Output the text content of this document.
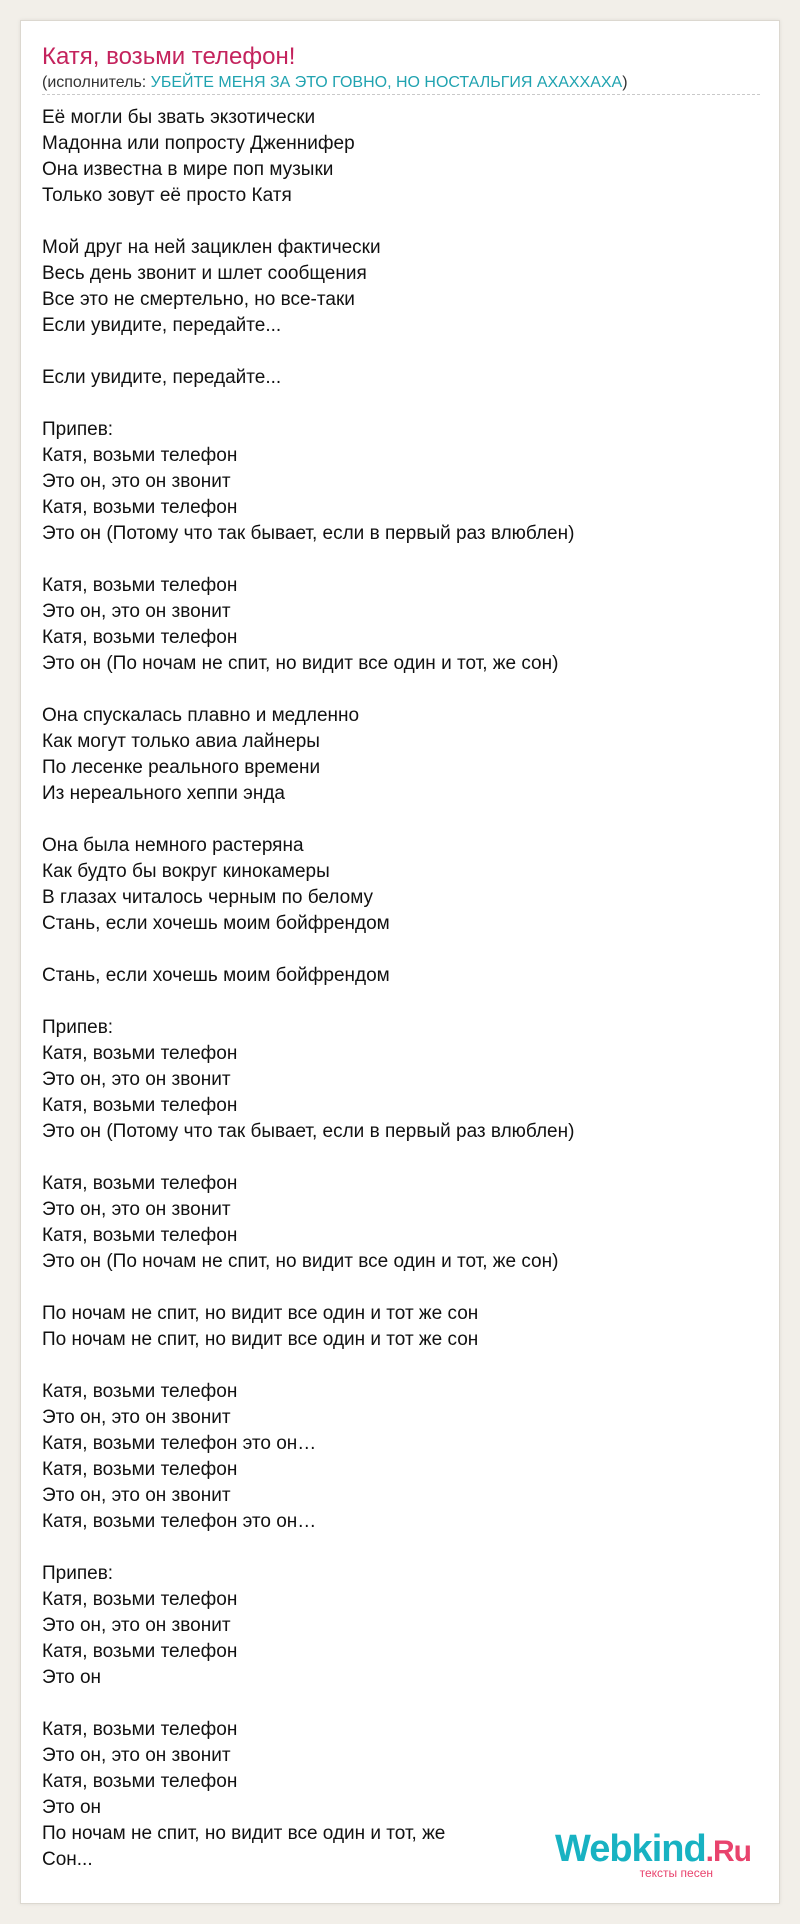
Катя, возьми телефон!
(исполнитель: УБЕЙТЕ МЕНЯ ЗА ЭТО ГОВНО, НО НОСТАЛЬГИЯ АХАХХАХА)
Её могли бы звать экзотически
Мадонна или попросту Дженнифер
Она известна в мире поп музыки
Только зовут её просто Катя
Мой друг на ней зациклен фактически
Весь день звонит и шлет сообщения
Все это не смертельно, но все-таки
Если увидите, передайте...
Если увидите, передайте...
Припев:
Катя, возьми телефон
Это он, это он звонит
Катя, возьми телефон
Это он (Потому что так бывает, если в первый раз влюблен)
Катя, возьми телефон
Это он, это он звонит
Катя, возьми телефон
Это он (По ночам не спит, но видит все один и тот, же сон)
Она спускалась плавно и медленно
Как могут только авиа лайнеры
По лесенке реального времени
Из нереального хеппи энда
Она была немного растеряна
Как будто бы вокруг кинокамеры
В глазах читалось черным по белому
Стань, если хочешь моим бойфрендом
Стань, если хочешь моим бойфрендом
Припев:
Катя, возьми телефон
Это он, это он звонит
Катя, возьми телефон
Это он (Потому что так бывает, если в первый раз влюблен)
Катя, возьми телефон
Это он, это он звонит
Катя, возьми телефон
Это он (По ночам не спит, но видит все один и тот, же сон)
По ночам не спит, но видит все один и тот же сон
По ночам не спит, но видит все один и тот же сон
Катя, возьми телефон
Это он, это он звонит
Катя, возьми телефон это он…
Катя, возьми телефон
Это он, это он звонит
Катя, возьми телефон это он…
Припев:
Катя, возьми телефон
Это он, это он звонит
Катя, возьми телефон
Это он
Катя, возьми телефон
Это он, это он звонит
Катя, возьми телефон
Это он
По ночам не спит, но видит все один и тот, же
Сон...	Webkind.Ru
тексты песен
